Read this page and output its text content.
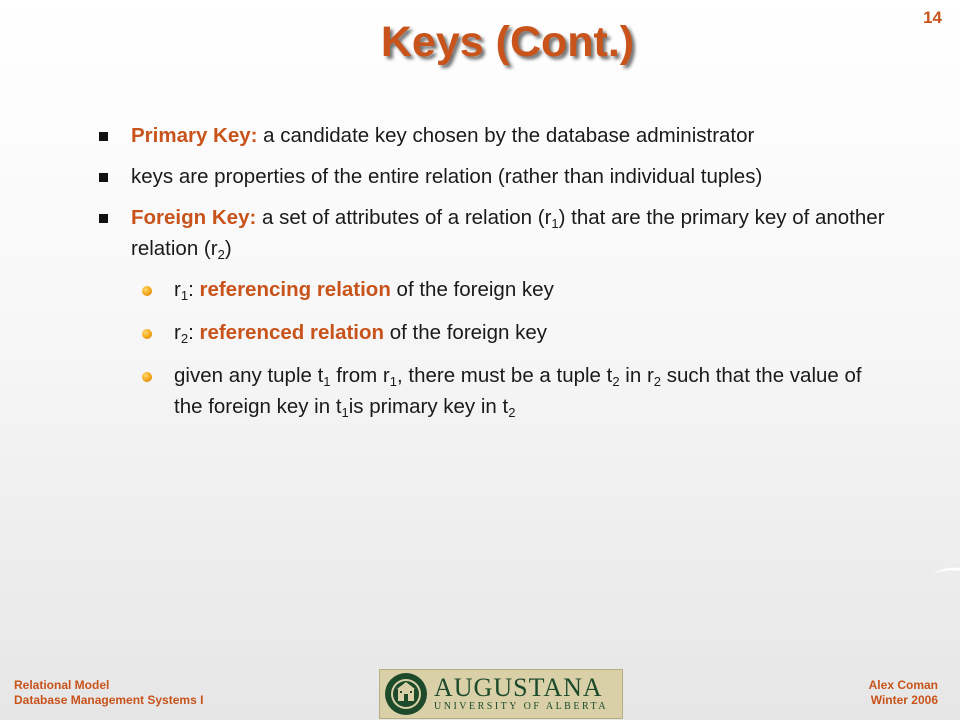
14
Keys (Cont.)
Primary Key: a candidate key chosen by the database administrator
keys are properties of the entire relation (rather than individual tuples)
Foreign Key: a set of attributes of a relation $(r_1)$ that are the primary key of another relation $(r_2)$
$r_1$: referencing relation of the foreign key
$r_2$: referenced relation of the foreign key
given any tuple $t_1$ from $r_1$, there must be a tuple $t_2$ in $r_2$ such that the value of the foreign key in $t_1is$ primary key in $t_2$
Relational Model
Database Management Systems I	AUGUSTANA
UNIVERSITY OF ALBERTA
Alex Coman
Winter 2006
